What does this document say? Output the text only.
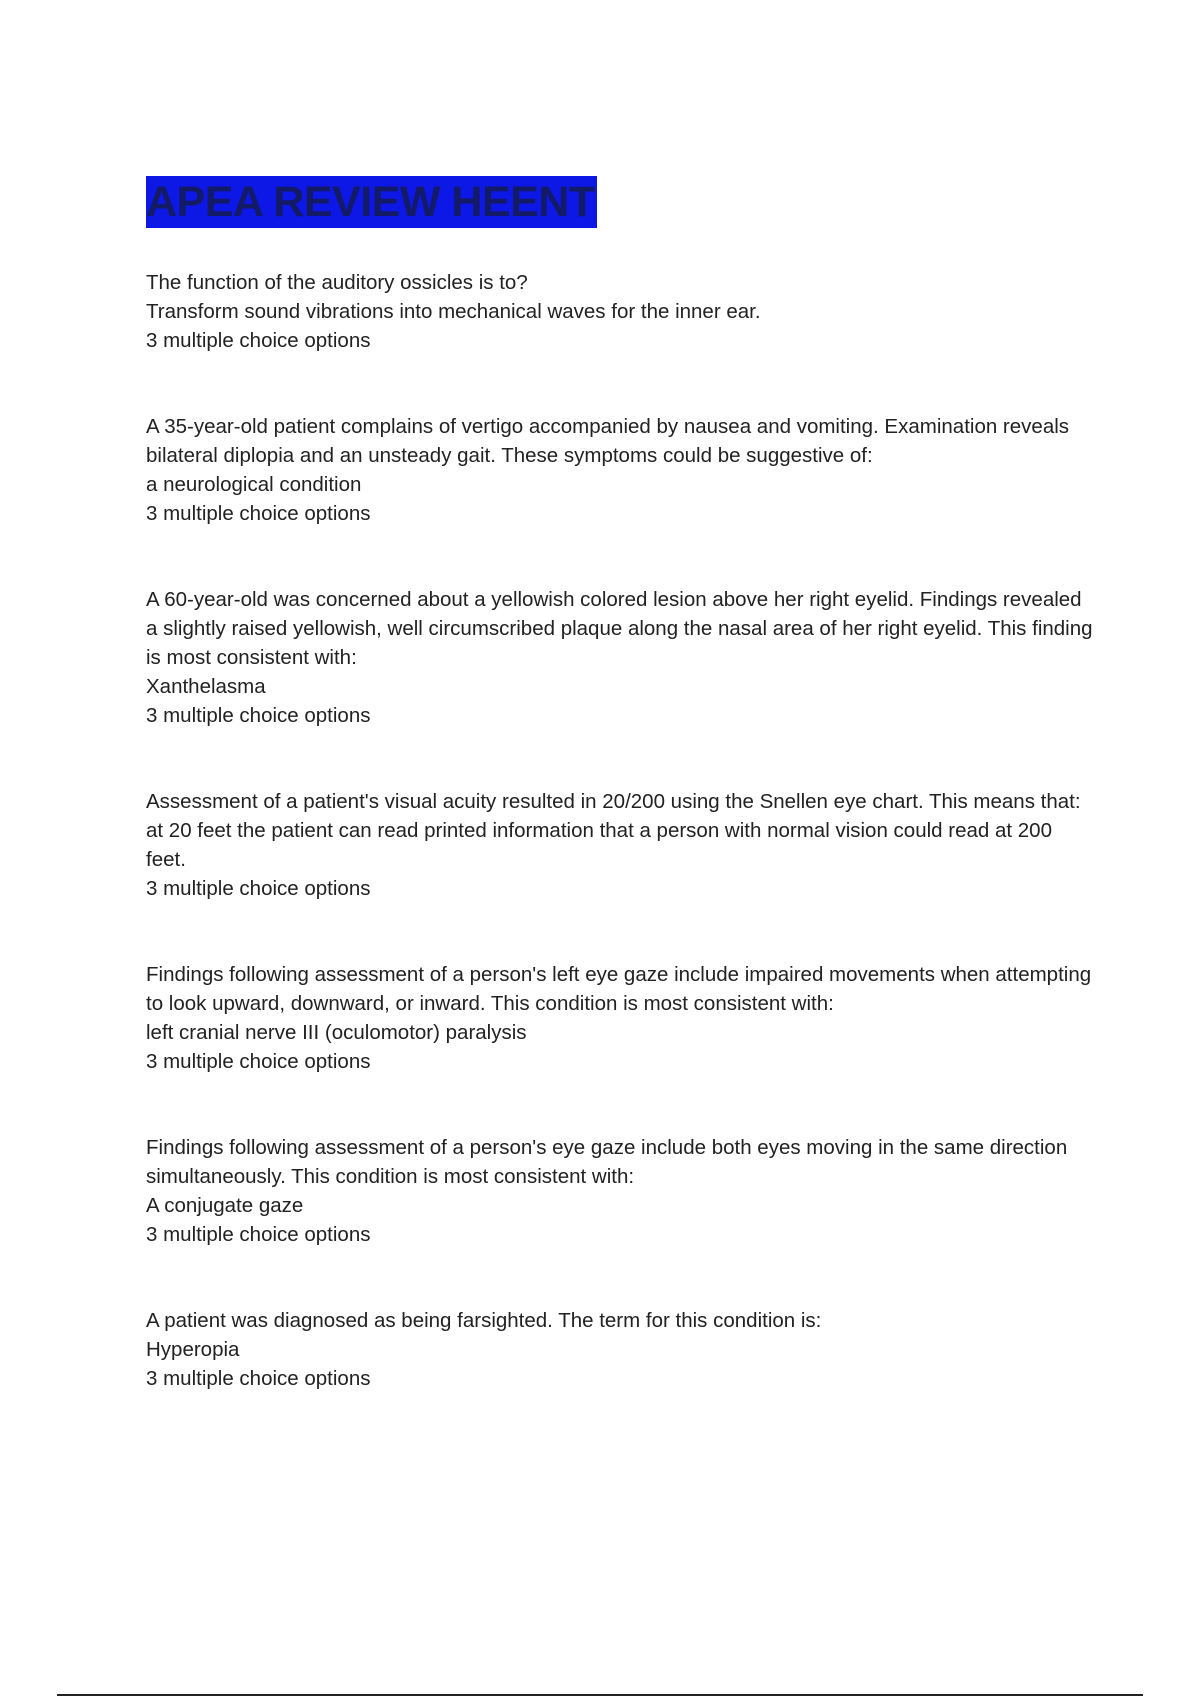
APEA REVIEW HEENT

The function of the auditory ossicles is to?

Transform sound vibrations into mechanical waves for the inner ear.

3 multiple choice options

A 35-year-old patient complains of vertigo accompanied by nausea and vomiting. Examination reveals bilateral diplopia and an unsteady gait. These symptoms could be suggestive of:

a neurological condition

3 multiple choice options

A 60-year-old was concerned about a yellowish colored lesion above her right eyelid. Findings revealed a slightly raised yellowish, well circumscribed plaque along the nasal area of her right eyelid. This finding is most consistent with:

Xanthelasma

3 multiple choice options

Assessment of a patient's visual acuity resulted in 20/200 using the Snellen eye chart. This means that:

at 20 feet the patient can read printed information that a person with normal vision could read at 200 feet.

3 multiple choice options

Findings following assessment of a person's left eye gaze include impaired movements when attempting to look upward, downward, or inward. This condition is most consistent with:

left cranial nerve III (oculomotor) paralysis

3 multiple choice options

Findings following assessment of a person's eye gaze include both eyes moving in the same direction simultaneously. This condition is most consistent with:

A conjugate gaze

3 multiple choice options

A patient was diagnosed as being farsighted. The term for this condition is:

Hyperopia

3 multiple choice options
